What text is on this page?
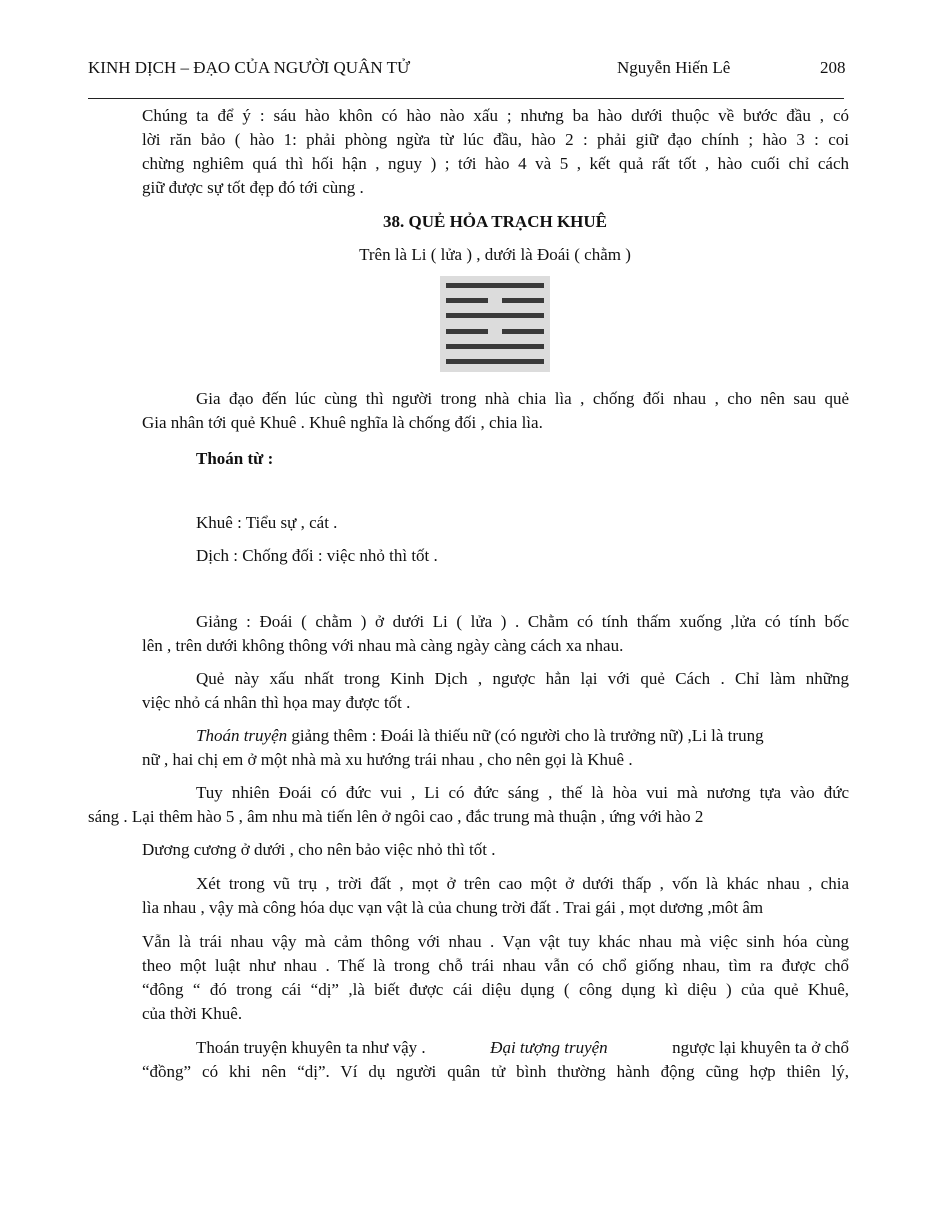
KINH DỊCH – ĐẠO CỦA NGƯỜI QUÂN TỬ	Nguyễn Hiến Lê	208
Chúng ta để ý : sáu hào khôn có hào nào xấu ; nhưng ba hào dưới thuộc về bước đầu , có
lời răn bảo ( hào 1: phải phòng ngừa từ lúc đầu, hào 2 : phải giữ đạo chính ; hào 3 : coi
chừng nghiêm quá thì hối hận , nguy ) ; tới hào 4 và 5 , kết quả rất tốt , hào cuối chỉ cách
giữ được sự tốt đẹp đó tới cùng .
38. QUẺ HỎA TRẠCH KHUÊ
Trên là Li ( lửa ) , dưới là Đoái ( chằm )
Gia đạo đến lúc cùng thì người trong nhà chia lìa , chống đối nhau , cho nên sau quẻ
Gia nhân tới quẻ Khuê . Khuê nghĩa là chống đối , chia lìa.
Thoán từ :
Khuê : Tiểu sự , cát .
Dịch : Chống đối : việc nhỏ thì tốt .
Giảng : Đoái ( chằm ) ở dưới Li ( lửa ) . Chằm có tính thấm xuống ,lửa có tính bốc
lên , trên dưới không thông với nhau mà càng ngày càng cách xa nhau.
Quẻ này xấu nhất trong Kinh Dịch , ngược hẳn lại với quẻ Cách . Chỉ làm những
việc nhỏ cá nhân thì họa may được tốt .
Thoán truyện giảng thêm : Đoái là thiếu nữ (có người cho là trưởng nữ) ,Li là trung
nữ , hai chị em ở một nhà mà xu hướng trái nhau , cho nên gọi là Khuê .
Tuy nhiên Đoái có đức vui , Li có đức sáng , thế là hòa vui mà nương tựa vào đức
sáng . Lại thêm hào 5 , âm nhu mà tiến lên ở ngôi cao , đắc trung mà thuận , ứng với hào 2
Dương cương ở dưới , cho nên bảo việc nhỏ thì tốt .
Xét trong vũ trụ , trời đất , mọt ở trên cao một ở dưới thấp , vốn là khác nhau , chia
lìa nhau , vậy mà công hóa dục vạn vật là của chung trời đất . Trai gái , mọt dương ,môt âm
Vẫn là trái nhau vậy mà cảm thông với nhau . Vạn vật tuy khác nhau mà việc sinh hóa cùng
theo một luật như nhau . Thế là trong chỗ trái nhau vẫn có chổ giống nhau, tìm ra được chổ
“đông “ đó trong cái “dị” ,là biết được cái diệu dụng ( công dụng kì diệu ) của quẻ Khuê,
của thời Khuê.
Thoán truyện khuyên ta như vậy .	Đại tượng truyện	ngược lại khuyên ta ở chổ
“đồng” có khi nên “dị”. Ví dụ người quân tử bình thường hành động cũng hợp thiên lý,
